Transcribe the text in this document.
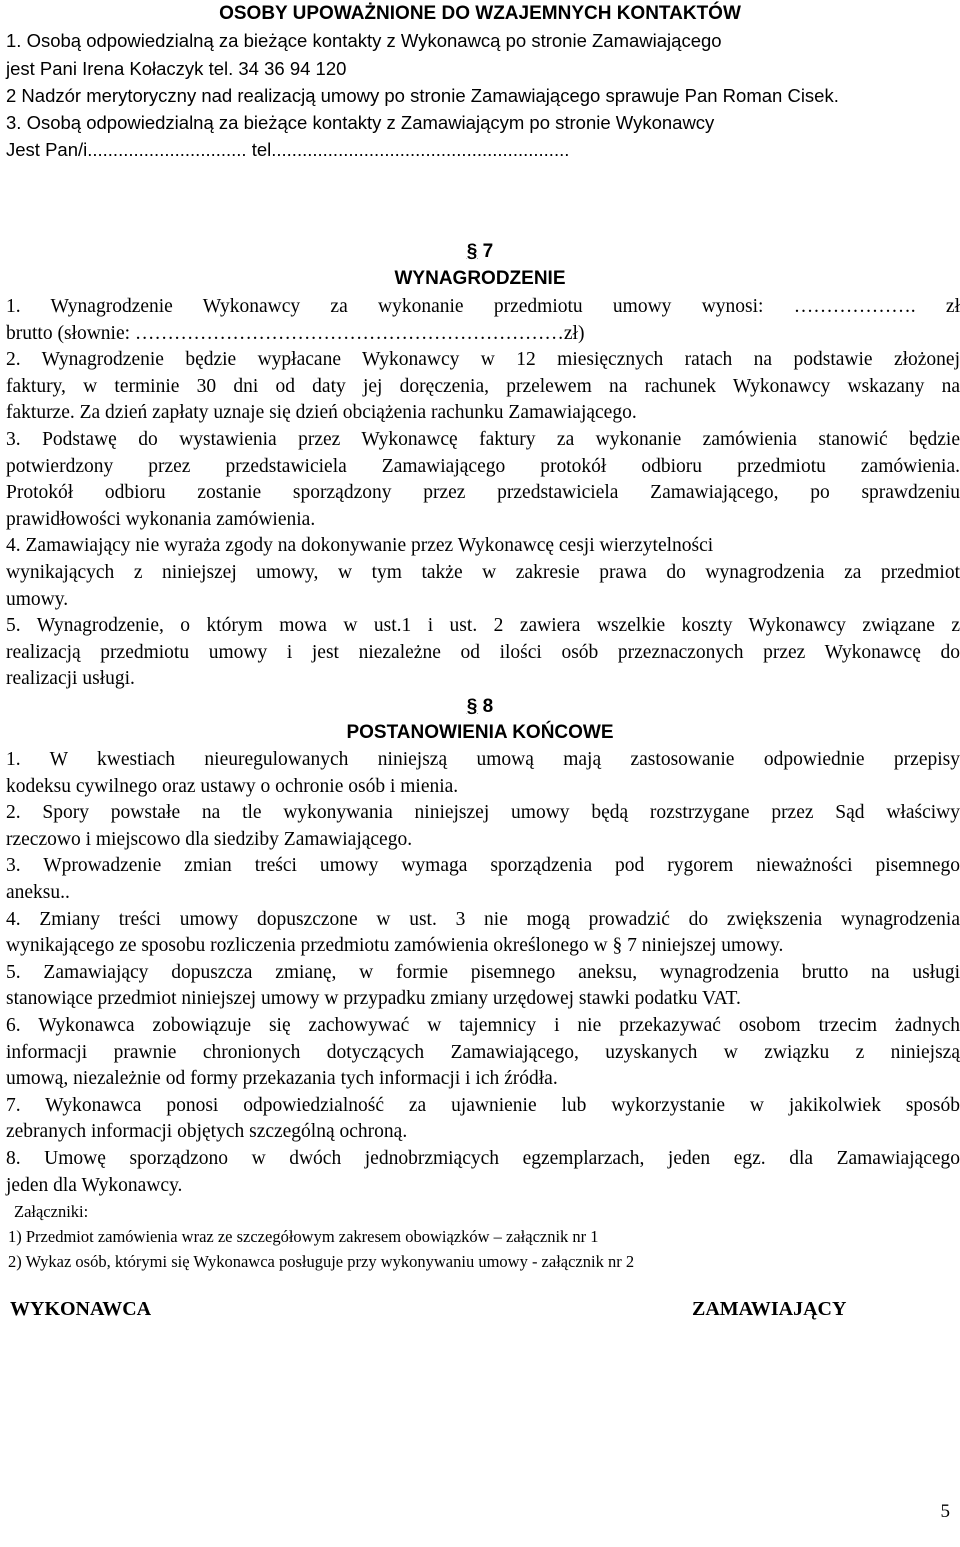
OSOBY UPOWAŻNIONE DO WZAJEMNYCH KONTAKTÓW
1. Osobą odpowiedzialną za bieżące kontakty z Wykonawcą po stronie Zamawiającego
jest Pani Irena Kołaczyk tel. 34 36 94 120
2 Nadzór merytoryczny nad realizacją umowy po stronie Zamawiającego sprawuje Pan Roman Cisek.
3. Osobą odpowiedzialną za bieżące kontakty z Zamawiającym po stronie Wykonawcy
Jest Pan/i............................... tel..........................................................
§ 7
WYNAGRODZENIE
1. Wynagrodzenie Wykonawcy za wykonanie przedmiotu umowy wynosi: ………………. zł
brutto (słownie: …………………………………………………………zł)
2. Wynagrodzenie będzie wypłacane Wykonawcy w 12 miesięcznych ratach na podstawie złożonej
faktury, w terminie 30 dni od daty jej doręczenia, przelewem na rachunek Wykonawcy wskazany na
fakturze. Za dzień zapłaty uznaje się dzień obciążenia rachunku Zamawiającego.
3. Podstawę do wystawienia przez Wykonawcę faktury za wykonanie zamówienia stanowić będzie
potwierdzony przez przedstawiciela Zamawiającego protokół odbioru przedmiotu zamówienia.
Protokół odbioru zostanie sporządzony przez przedstawiciela Zamawiającego, po sprawdzeniu
prawidłowości wykonania zamówienia.
4. Zamawiający nie wyraża zgody na dokonywanie przez Wykonawcę cesji wierzytelności
wynikających z niniejszej umowy, w tym także w zakresie prawa do wynagrodzenia za przedmiot
umowy.
5. Wynagrodzenie, o którym mowa w ust.1 i ust. 2 zawiera wszelkie koszty Wykonawcy związane z
realizacją przedmiotu umowy i jest niezależne od ilości osób przeznaczonych przez Wykonawcę do
realizacji usługi.
§ 8
POSTANOWIENIA KOŃCOWE
1. W kwestiach nieuregulowanych niniejszą umową mają zastosowanie odpowiednie przepisy
kodeksu cywilnego oraz ustawy o ochronie osób i mienia.
2. Spory powstałe na tle wykonywania niniejszej umowy będą rozstrzygane przez Sąd właściwy
rzeczowo i miejscowo dla siedziby Zamawiającego.
3. Wprowadzenie zmian treści umowy wymaga sporządzenia pod rygorem nieważności pisemnego
aneksu..
4. Zmiany treści umowy dopuszczone w ust. 3 nie mogą prowadzić do zwiększenia wynagrodzenia
wynikającego ze sposobu rozliczenia przedmiotu zamówienia określonego w § 7 niniejszej umowy.
5. Zamawiający dopuszcza zmianę, w formie pisemnego aneksu, wynagrodzenia brutto na usługi
stanowiące przedmiot niniejszej umowy w przypadku zmiany urzędowej stawki podatku VAT.
6. Wykonawca zobowiązuje się zachowywać w tajemnicy i nie przekazywać osobom trzecim żadnych
informacji prawnie chronionych dotyczących Zamawiającego, uzyskanych w związku z niniejszą
umową, niezależnie od formy przekazania tych informacji i ich źródła.
7. Wykonawca ponosi odpowiedzialność za ujawnienie lub wykorzystanie w jakikolwiek sposób
zebranych informacji objętych szczególną ochroną.
8. Umowę sporządzono w dwóch jednobrzmiących egzemplarzach, jeden egz. dla Zamawiającego
jeden dla Wykonawcy.
Załączniki:
1) Przedmiot zamówienia wraz ze szczegółowym zakresem obowiązków – załącznik nr 1
2) Wykaz osób, którymi się Wykonawca posługuje przy wykonywaniu umowy - załącznik nr 2
WYKONAWCA	ZAMAWIAJĄCY
5
